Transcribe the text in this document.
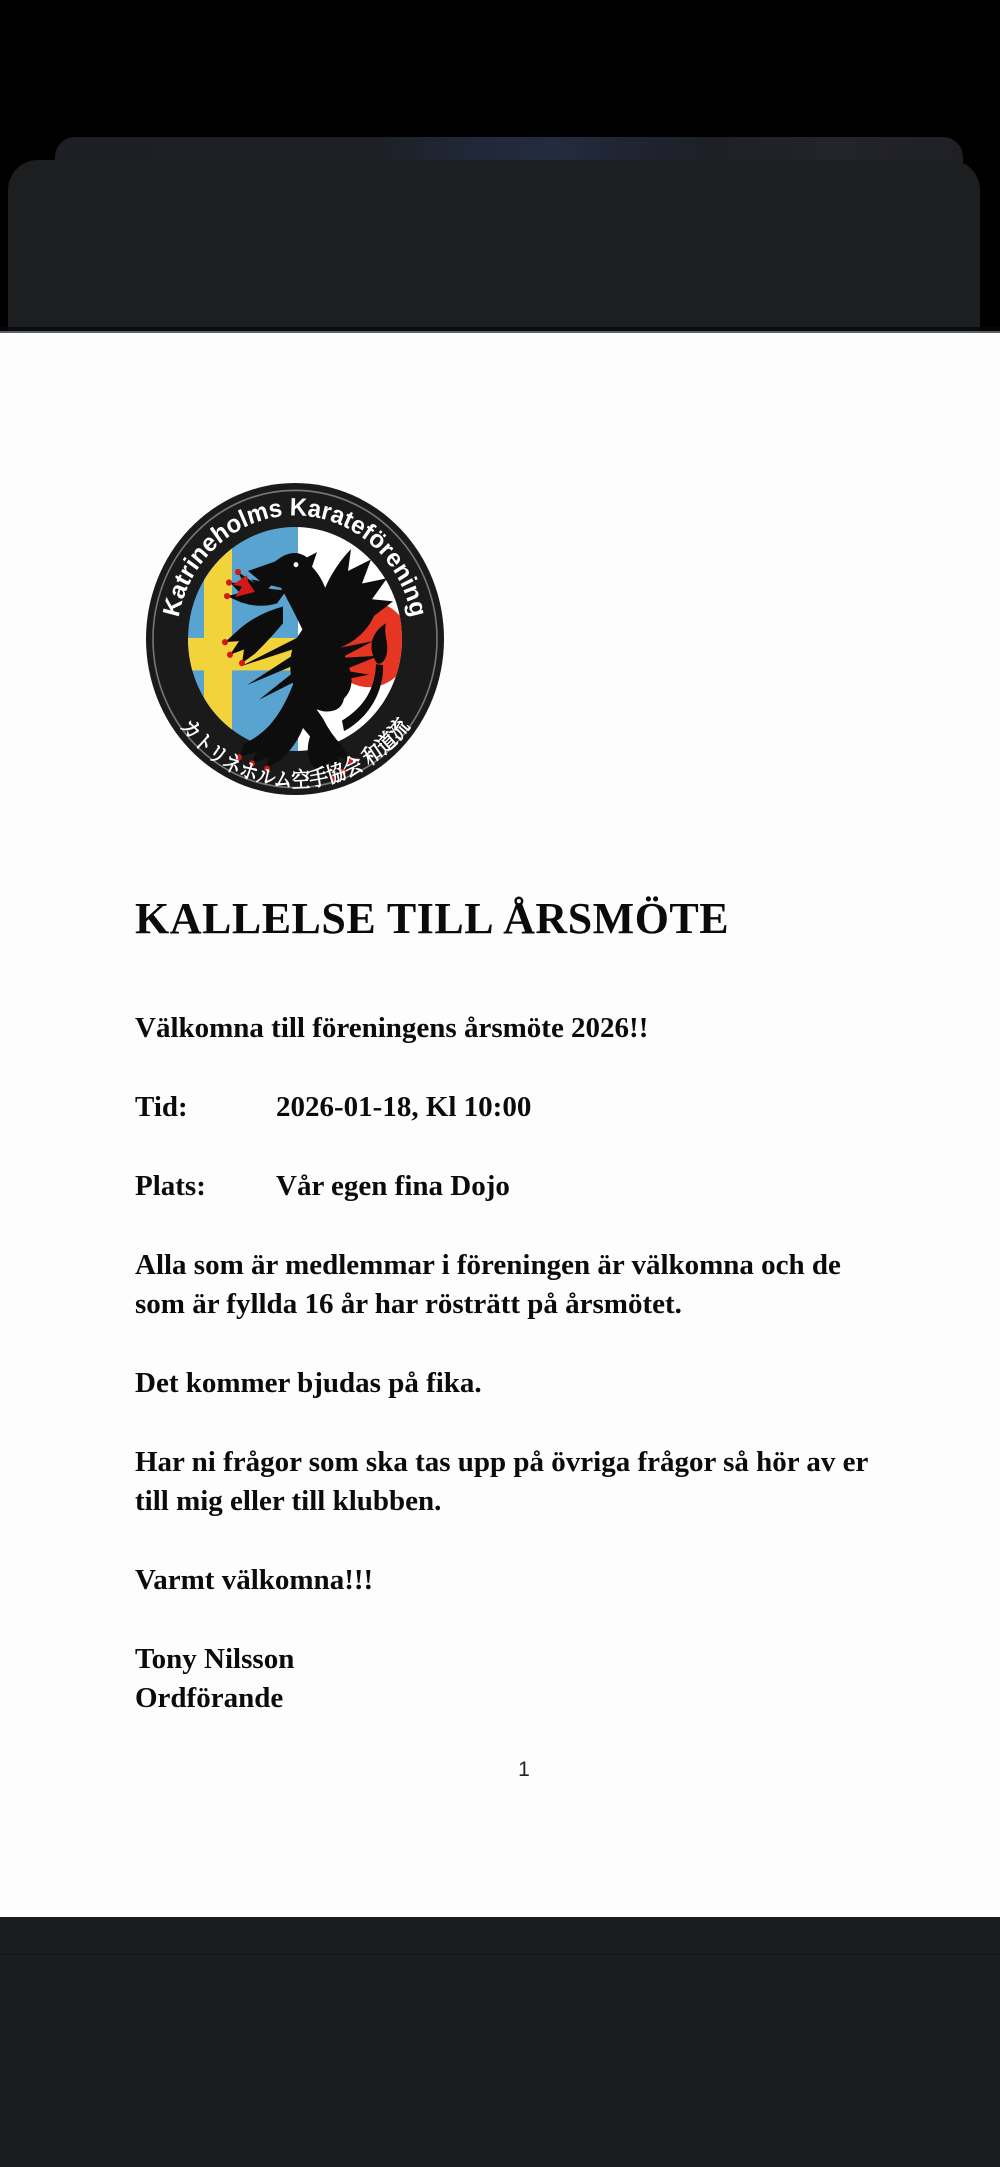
Katrineholms Karateförening
カトリネホルム空手協会 和道流
KALLELSE TILL ÅRSMÖTE

Välkomna till föreningens årsmöte 2026!!

Tid:	2026-01-18, Kl 10:00

Plats: Vår egen fina Dojo

Alla som är medlemmar i föreningen är välkomna och de
som är fyllda 16 år har rösträtt på årsmötet.

Det kommer bjudas på fika.

Har ni frågor som ska tas upp på övriga frågor så hör av er
till mig eller till klubben.

Varmt välkomna!!!

Tony Nilsson
Ordförande

1
